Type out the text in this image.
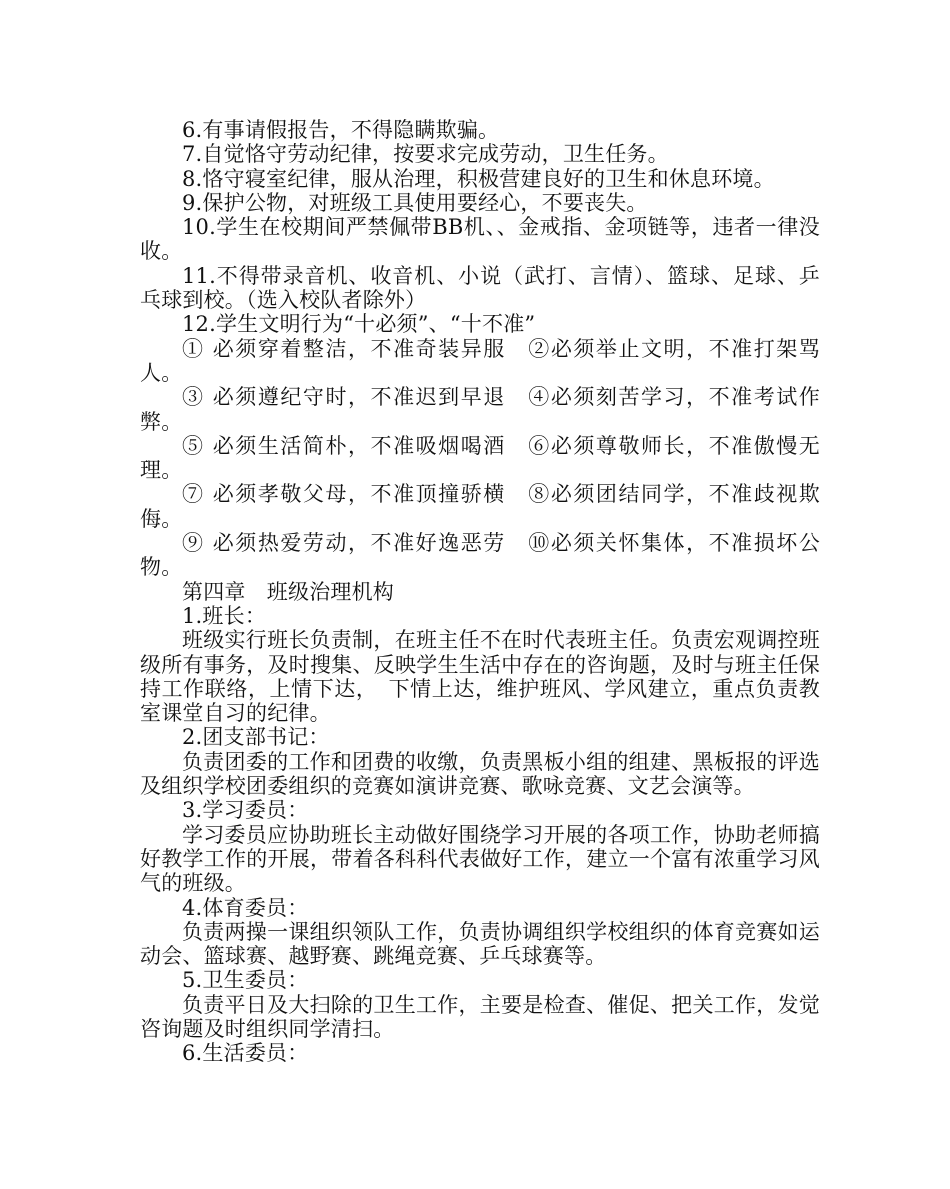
6.有事请假报告，不得隐瞒欺骗。

7.自觉恪守劳动纪律，按要求完成劳动，卫生任务。

8.恪守寝室纪律，服从治理，积极营建良好的卫生和休息环境。

9.保护公物，对班级工具使用要经心，不要丧失。

10.学生在校期间严禁佩带BB机、、金戒指、金项链等，违者一律没收。

11.不得带录音机、收音机、小说（武打、言情）、篮球、足球、乒乓球到校。（选入校队者除外）

12.学生文明行为“十必须”、“十不准”

① 必须穿着整洁，不准奇装异服　②必须举止文明，不准打架骂人。

③ 必须遵纪守时，不准迟到早退　④必须刻苦学习，不准考试作弊。

⑤ 必须生活简朴，不准吸烟喝酒　⑥必须尊敬师长，不准傲慢无理。

⑦ 必须孝敬父母，不准顶撞骄横　⑧必须团结同学，不准歧视欺侮。

⑨ 必须热爱劳动，不准好逸恶劳　⑩必须关怀集体，不准损坏公物。

第四章　班级治理机构

1.班长：

班级实行班长负责制，在班主任不在时代表班主任。负责宏观调控班级所有事务，及时搜集、反映学生生活中存在的咨询题，及时与班主任保持工作联络，上情下达，　下情上达，维护班风、学风建立，重点负责教室课堂自习的纪律。

2.团支部书记：

负责团委的工作和团费的收缴，负责黑板小组的组建、黑板报的评选及组织学校团委组织的竞赛如演讲竞赛、歌咏竞赛、文艺会演等。

3.学习委员：

学习委员应协助班长主动做好围绕学习开展的各项工作，协助老师搞好教学工作的开展，带着各科科代表做好工作，建立一个富有浓重学习风气的班级。

4.体育委员：

负责两操一课组织领队工作，负责协调组织学校组织的体育竞赛如运动会、篮球赛、越野赛、跳绳竞赛、乒乓球赛等。

5.卫生委员：

负责平日及大扫除的卫生工作，主要是检查、催促、把关工作，发觉咨询题及时组织同学清扫。

6.生活委员：
